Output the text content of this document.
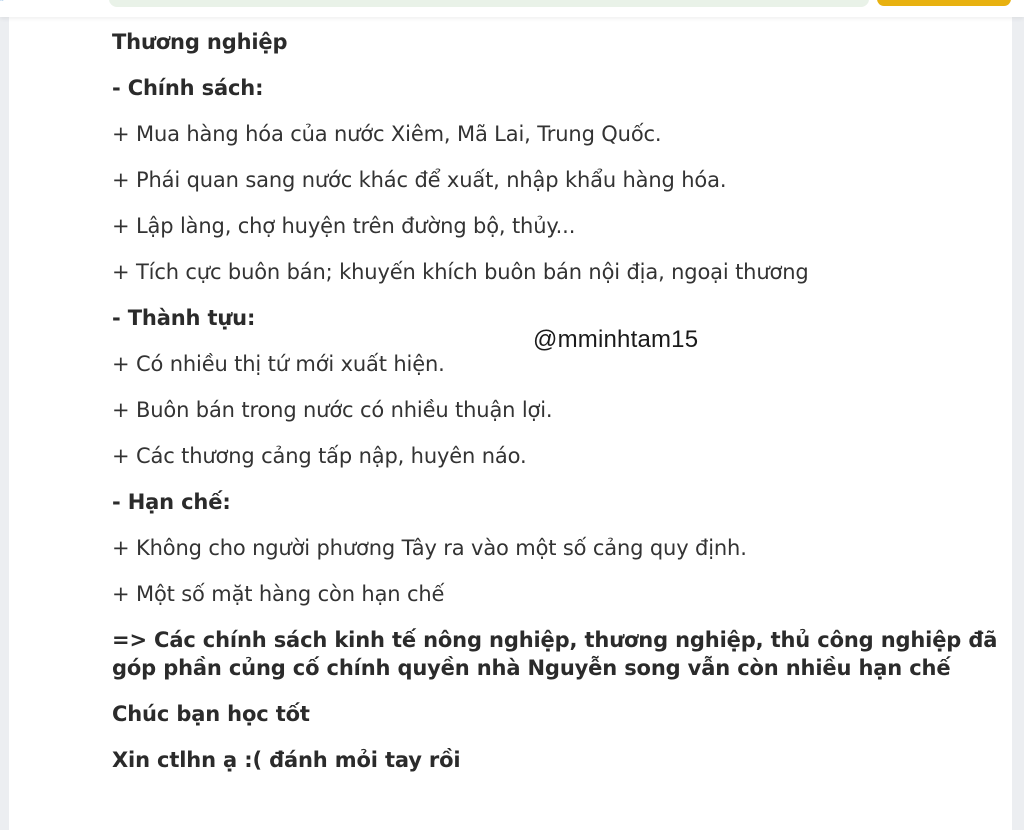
··

Thương nghiệp

- Chính sách:

+ Mua hàng hóa của nước Xiêm, Mã Lai, Trung Quốc.

+ Phái quan sang nước khác để xuất, nhập khẩu hàng hóa.

+ Lập làng, chợ huyện trên đường bộ, thủy...

+ Tích cực buôn bán; khuyến khích buôn bán nội địa, ngoại thương

- Thành tựu:

+ Có nhiều thị tứ mới xuất hiện.

+ Buôn bán trong nước có nhiều thuận lợi.

+ Các thương cảng tấp nập, huyên náo.

- Hạn chế:

+ Không cho người phương Tây ra vào một số cảng quy định.

+ Một số mặt hàng còn hạn chế

=> Các chính sách kinh tế nông nghiệp, thương nghiệp, thủ công nghiệp đã

góp phần củng cố chính quyền nhà Nguyễn song vẫn còn nhiều hạn chế

Chúc bạn học tốt

Xin ctlhn ạ :( đánh mỏi tay rồi

@mminhtam15
